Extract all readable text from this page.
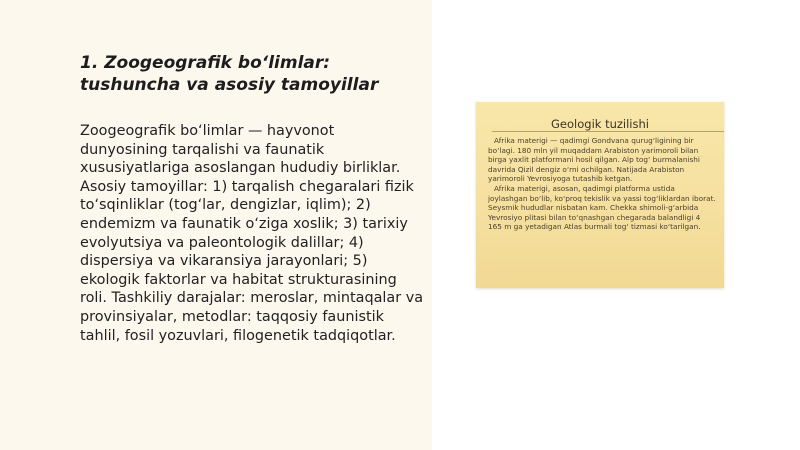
1. Zoogeografik bo‘limlar: tushuncha va asosiy tamoyillar

Zoogeografik bo‘limlar — hayvonot dunyosining tarqalishi va faunatik xususiyatlariga asoslangan hududiy birliklar. Asosiy tamoyillar: 1) tarqalish chegaralari fizik to‘sqinliklar (tog‘lar, dengizlar, iqlim); 2) endemizm va faunatik o‘ziga xoslik; 3) tarixiy evolyutsiya va paleontologik dalillar; 4) dispersiya va vikaransiya jarayonlari; 5) ekologik faktorlar va habitat strukturasining roli. Tashkiliy darajalar: meroslar, mintaqalar va provinsiyalar, metodlar: taqqosiy faunistik tahlil, fosil yozuvlari, filogenetik tadqiqotlar.

Geologik tuzilishi

Afrika materigi — qadimgi Gondvana qurug‘ligining bir bo‘lagi. 180 mln yil muqaddam Arabiston yarimoroli bilan birga yaxlit platformani hosil qilgan. Alp tog‘ burmalanishi davrida Qizil dengiz o‘rni ochilgan. Natijada Arabiston yarimoroli Yevrosiyoga tutashib ketgan.

Afrika materigi, asosan, qadimgi platforma ustida joylashgan bo‘lib, ko‘proq tekislik va yassi tog‘liklardan iborat. Seysmik hududlar nisbatan kam. Chekka shimoli-g‘arbida Yevrosiyo plitasi bilan to‘qnashgan chegarada balandligi 4 165 m ga yetadigan Atlas burmali tog‘ tizmasi ko‘tarilgan.
